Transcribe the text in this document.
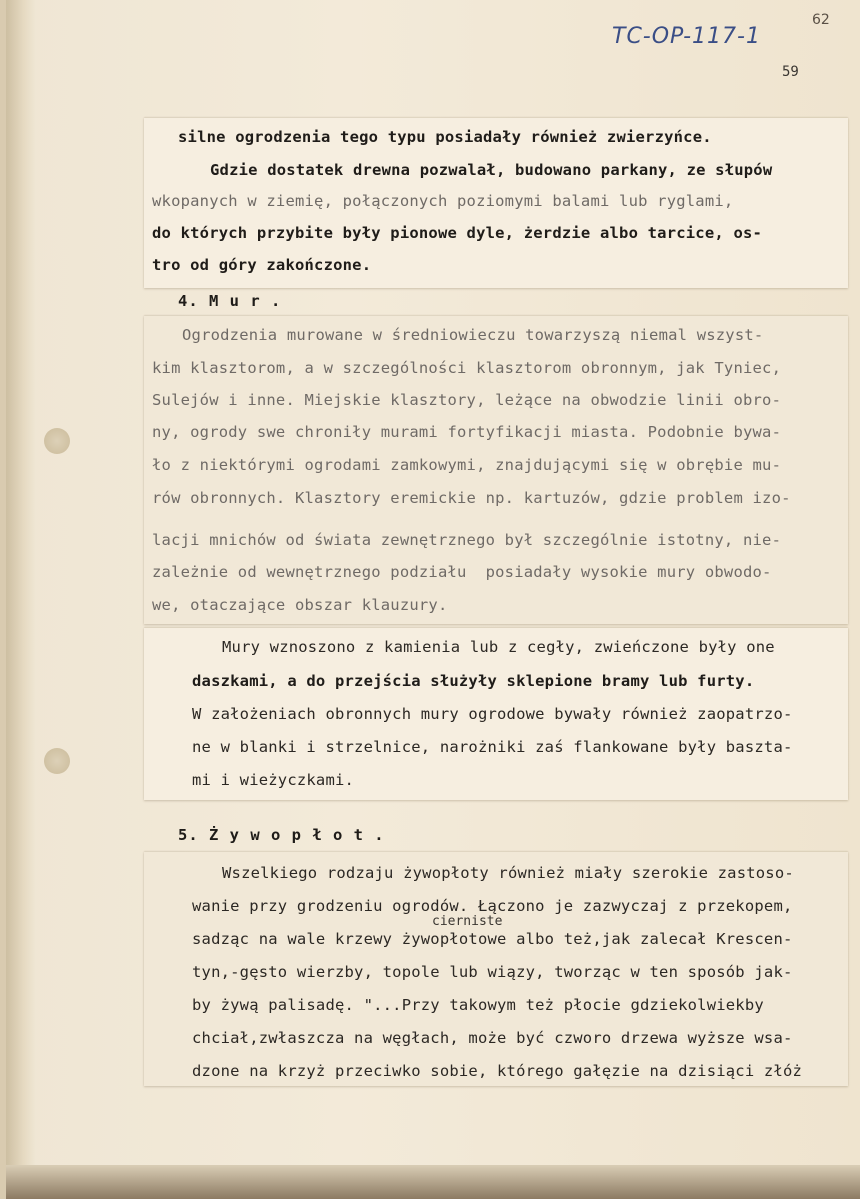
TC-OP-117-1
62
59
silne ogrodzenia tego typu posiadały również zwierzyńce.
Gdzie dostatek drewna pozwalał, budowano parkany, ze słupów
wkopanych w ziemię, połączonych poziomymi balami lub ryglami,
do których przybite były pionowe dyle, żerdzie albo tarcice, os-
tro od góry zakończone.
4. M u r .
Ogrodzenia murowane w średniowieczu towarzyszą niemal wszyst-
kim klasztorom, a w szczególności klasztorom obronnym, jak Tyniec,
Sulejów i inne. Miejskie klasztory, leżące na obwodzie linii obro-
ny, ogrody swe chroniły murami fortyfikacji miasta. Podobnie bywa-
ło z niektórymi ogrodami zamkowymi, znajdującymi się w obrębie mu-
rów obronnych. Klasztory eremickie np. kartuzów, gdzie problem izo-
lacji mnichów od świata zewnętrznego był szczególnie istotny, nie-
zależnie od wewnętrznego podziału  posiadały wysokie mury obwodo-
we, otaczające obszar klauzury.
Mury wznoszono z kamienia lub z cegły, zwieńczone były one
daszkami, a do przejścia służyły sklepione bramy lub furty.
W założeniach obronnych mury ogrodowe bywały również zaopatrzo-
ne w blanki i strzelnice, narożniki zaś flankowane były baszta-
mi i wieżyczkami.
5. Ż y w o p ł o t .
Wszelkiego rodzaju żywopłoty również miały szerokie zastoso-
wanie przy grodzeniu ogrodów. Łączono je zazwyczaj z przekopem,
cierniste
sadząc na wale krzewy żywopłotowe albo też,jak zalecał Krescen-
tyn,-gęsto wierzby, topole lub wiązy, tworząc w ten sposób jak-
by żywą palisadę. "...Przy takowym też płocie gdziekolwiekby
chciał,zwłaszcza na węgłach, może być czworo drzewa wyższe wsa-
dzone na krzyż przeciwko sobie, którego gałęzie na dzisiąci złóż
